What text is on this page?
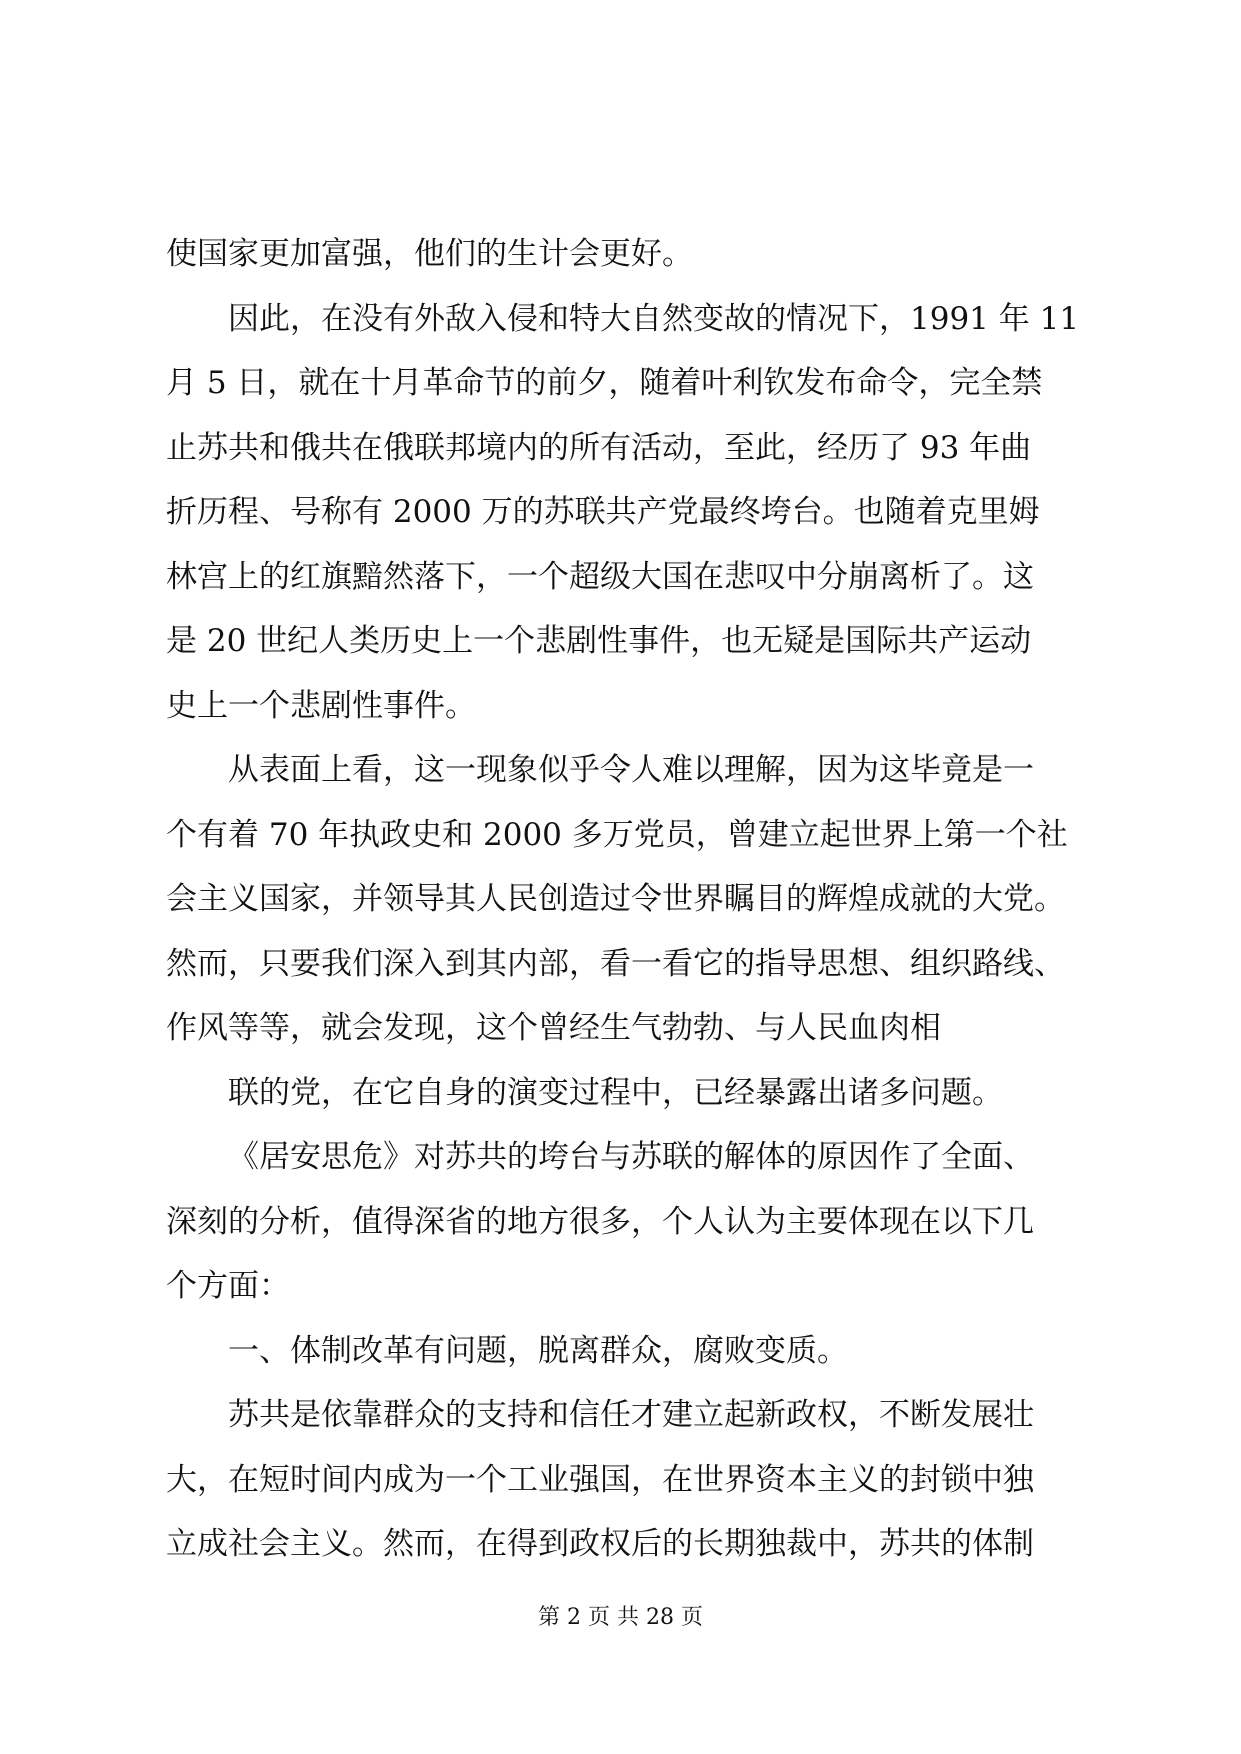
使国家更加富强，他们的生计会更好。
因此，在没有外敌入侵和特大自然变故的情况下，1991 年 11
月 5 日，就在十月革命节的前夕，随着叶利钦发布命令，完全禁
止苏共和俄共在俄联邦境内的所有活动，至此，经历了 93 年曲
折历程、号称有 2000 万的苏联共产党最终垮台。也随着克里姆
林宫上的红旗黯然落下，一个超级大国在悲叹中分崩离析了。这
是 20 世纪人类历史上一个悲剧性事件，也无疑是国际共产运动
史上一个悲剧性事件。
从表面上看，这一现象似乎令人难以理解，因为这毕竟是一
个有着 70 年执政史和 2000 多万党员，曾建立起世界上第一个社
会主义国家，并领导其人民创造过令世界瞩目的辉煌成就的大党。
然而，只要我们深入到其内部，看一看它的指导思想、组织路线、
作风等等，就会发现，这个曾经生气勃勃、与人民血肉相
联的党，在它自身的演变过程中，已经暴露出诸多问题。
《居安思危》对苏共的垮台与苏联的解体的原因作了全面、
深刻的分析，值得深省的地方很多，个人认为主要体现在以下几
个方面：
一、体制改革有问题，脱离群众，腐败变质。
苏共是依靠群众的支持和信任才建立起新政权，不断发展壮
大，在短时间内成为一个工业强国，在世界资本主义的封锁中独
立成社会主义。然而，在得到政权后的长期独裁中，苏共的体制
第 2 页 共 28 页
